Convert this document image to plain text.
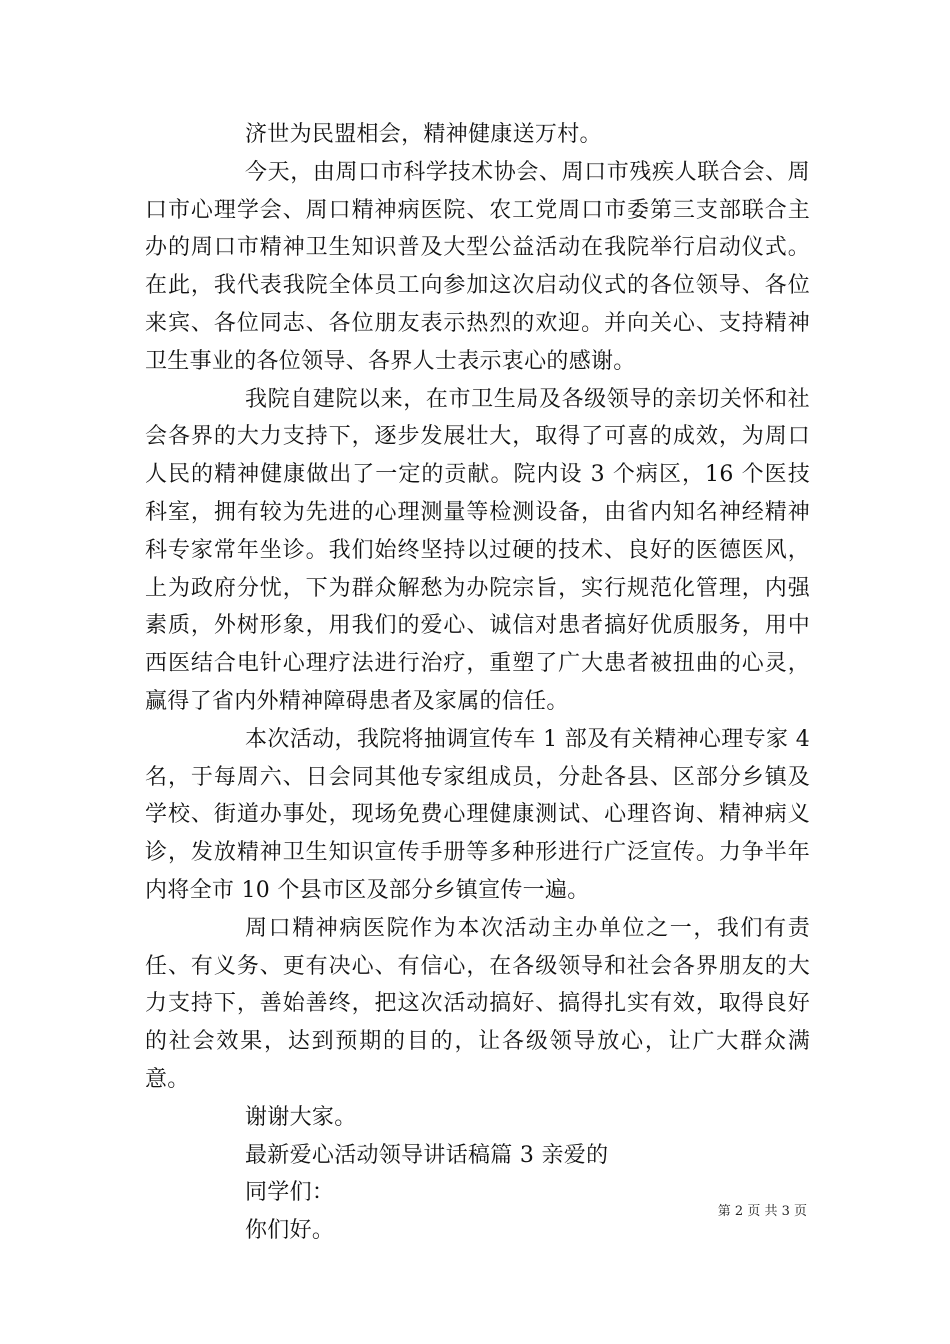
济世为民盟相会，精神健康送万村。

今天，由周口市科学技术协会、周口市残疾人联合会、周口市心理学会、周口精神病医院、农工党周口市委第三支部联合主办的周口市精神卫生知识普及大型公益活动在我院举行启动仪式。在此，我代表我院全体员工向参加这次启动仪式的各位领导、各位来宾、各位同志、各位朋友表示热烈的欢迎。并向关心、支持精神卫生事业的各位领导、各界人士表示衷心的感谢。

我院自建院以来，在市卫生局及各级领导的亲切关怀和社会各界的大力支持下，逐步发展壮大，取得了可喜的成效，为周口人民的精神健康做出了一定的贡献。院内设 3 个病区，16 个医技科室，拥有较为先进的心理测量等检测设备，由省内知名神经精神科专家常年坐诊。我们始终坚持以过硬的技术、良好的医德医风，上为政府分忧，下为群众解愁为办院宗旨，实行规范化管理，内强素质，外树形象，用我们的爱心、诚信对患者搞好优质服务，用中西医结合电针心理疗法进行治疗，重塑了广大患者被扭曲的心灵，赢得了省内外精神障碍患者及家属的信任。

本次活动，我院将抽调宣传车 1 部及有关精神心理专家 4 名，于每周六、日会同其他专家组成员，分赴各县、区部分乡镇及学校、街道办事处，现场免费心理健康测试、心理咨询、精神病义诊，发放精神卫生知识宣传手册等多种形进行广泛宣传。力争半年内将全市 10 个县市区及部分乡镇宣传一遍。

周口精神病医院作为本次活动主办单位之一，我们有责任、有义务、更有决心、有信心，在各级领导和社会各界朋友的大力支持下，善始善终，把这次活动搞好、搞得扎实有效，取得良好的社会效果，达到预期的目的，让各级领导放心，让广大群众满意。

谢谢大家。

最新爱心活动领导讲话稿篇 3 亲爱的

同学们：

你们好。

第 2 页 共 3 页
